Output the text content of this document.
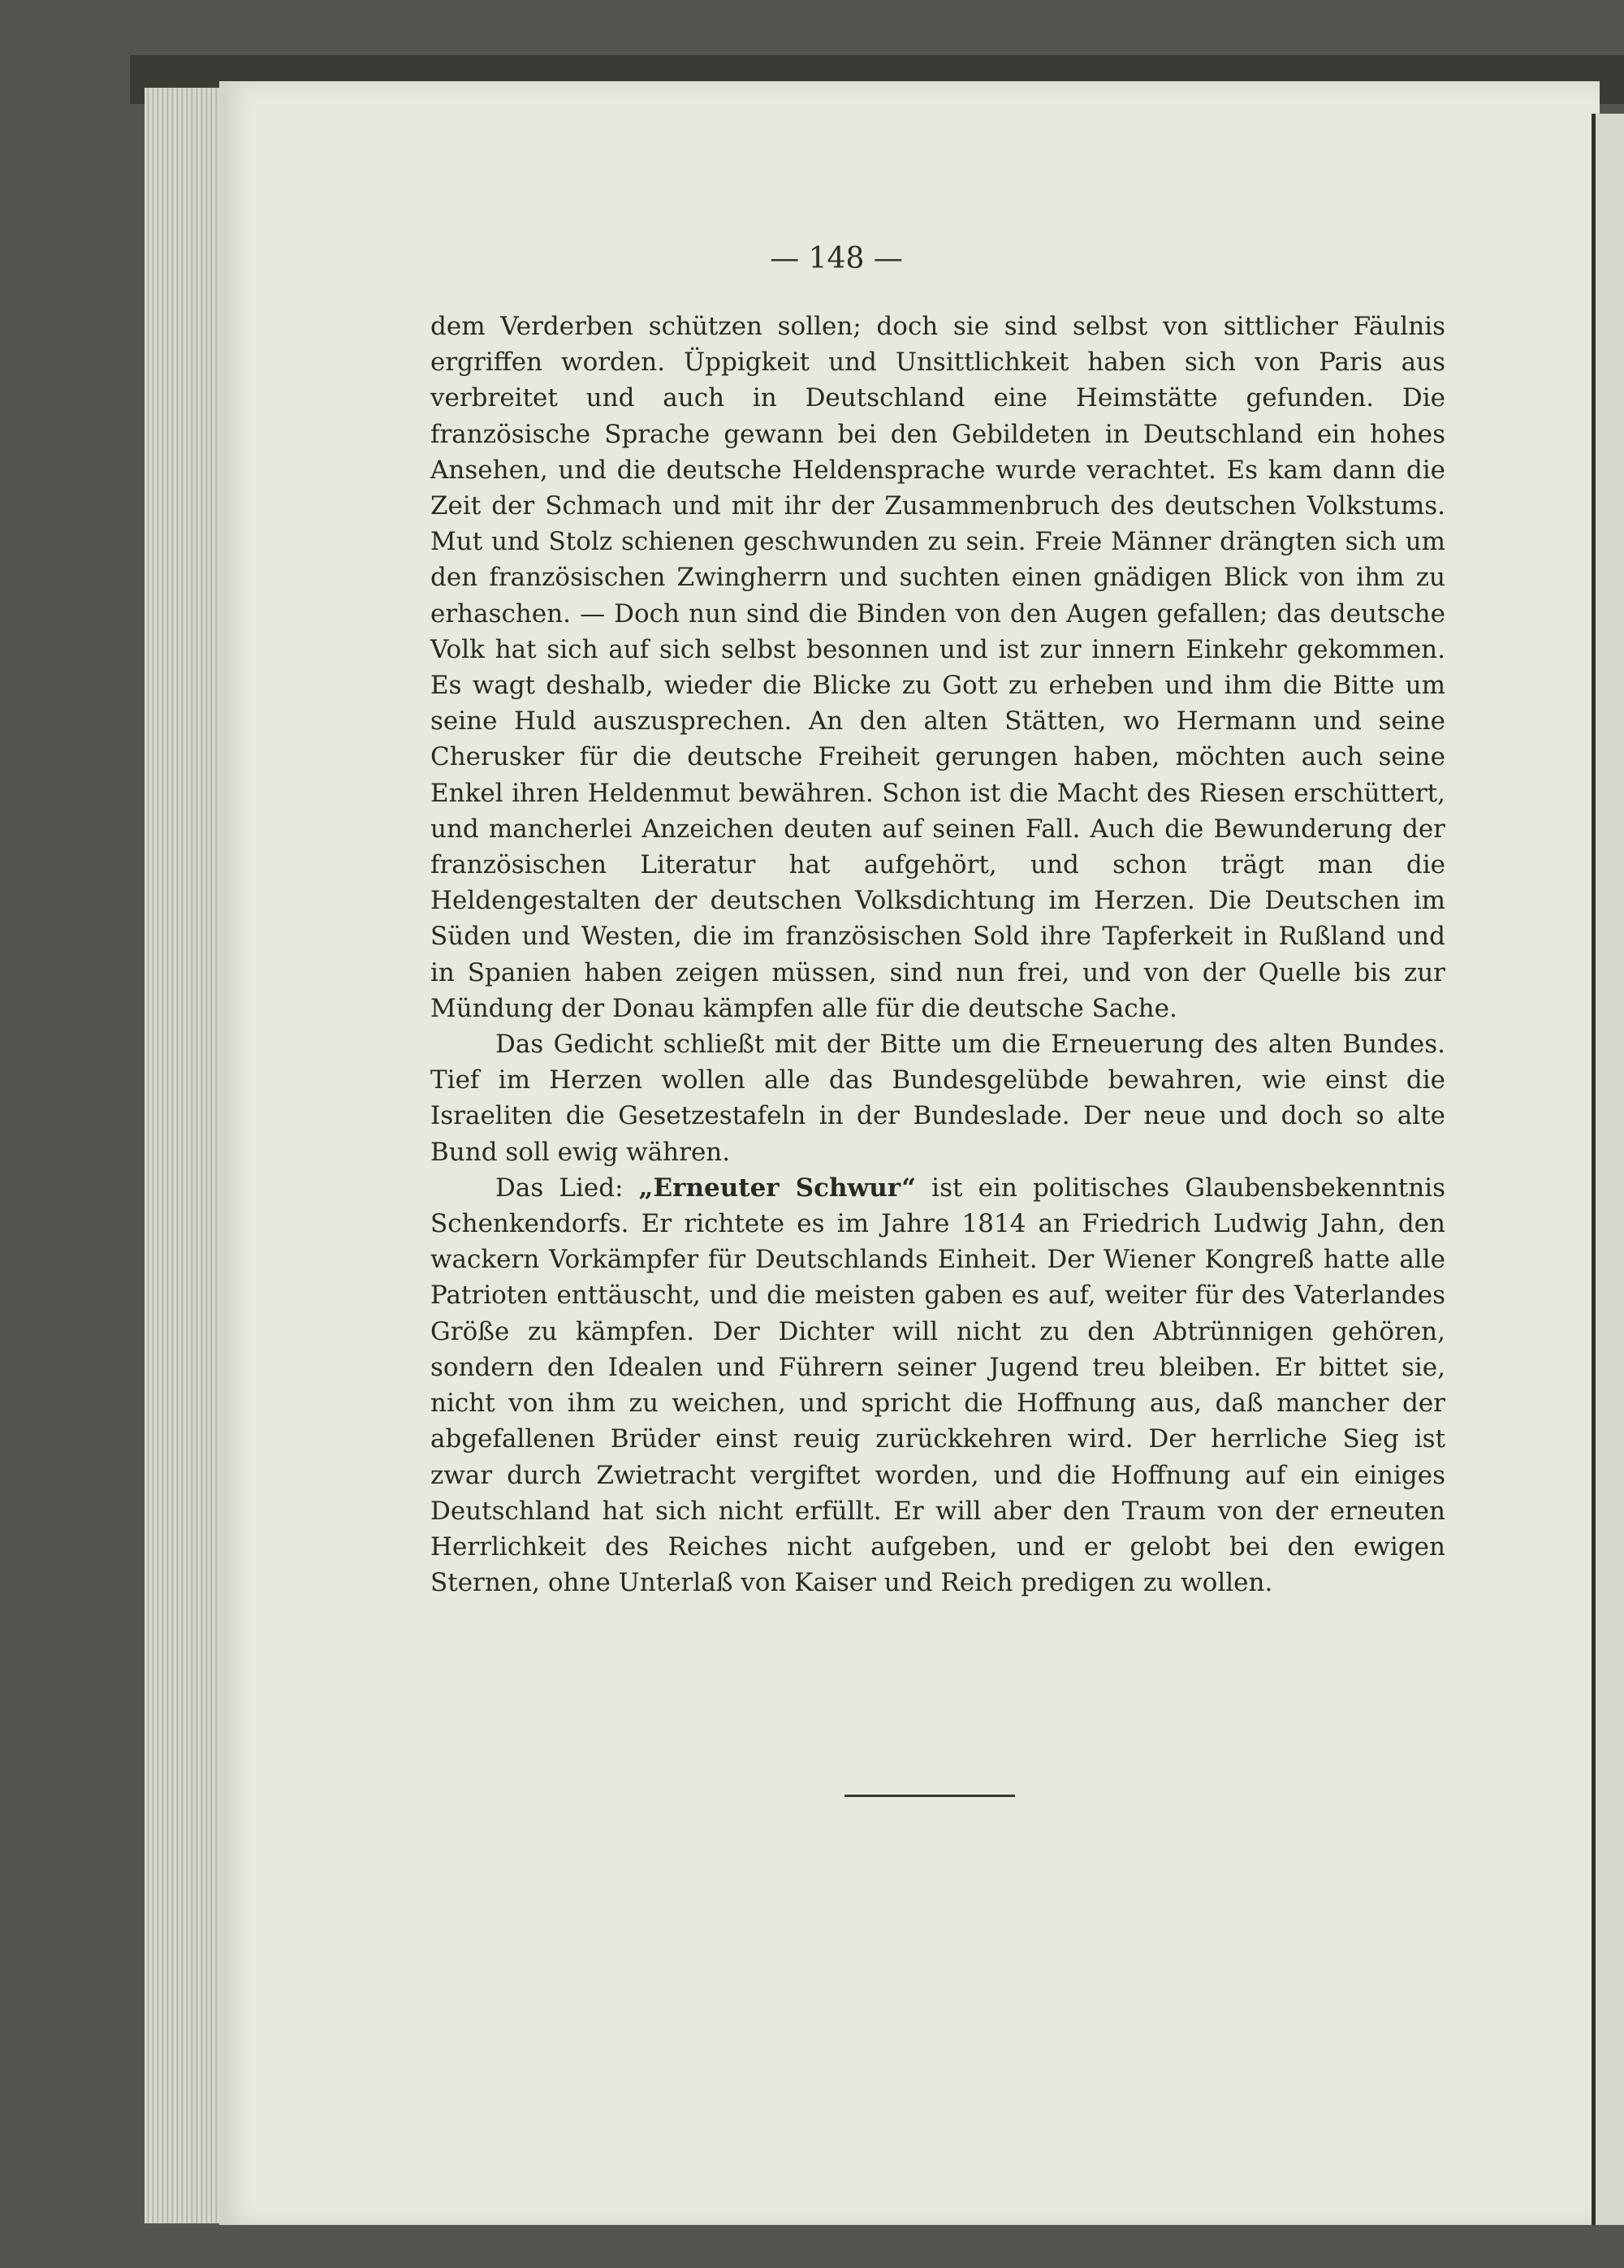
— 148 —

dem Verderben schützen sollen; doch sie sind selbst von sittlicher Fäulnis ergriffen worden. Üppigkeit und Unsittlichkeit haben sich von Paris aus verbreitet und auch in Deutschland eine Heimstätte gefunden. Die französische Sprache gewann bei den Gebildeten in Deutschland ein hohes Ansehen, und die deutsche Heldensprache wurde verachtet. Es kam dann die Zeit der Schmach und mit ihr der Zusammenbruch des deutschen Volkstums. Mut und Stolz schienen geschwunden zu sein. Freie Männer drängten sich um den französischen Zwingherrn und suchten einen gnädigen Blick von ihm zu erhaschen. — Doch nun sind die Binden von den Augen gefallen; das deutsche Volk hat sich auf sich selbst besonnen und ist zur innern Einkehr gekommen. Es wagt deshalb, wieder die Blicke zu Gott zu erheben und ihm die Bitte um seine Huld auszusprechen. An den alten Stätten, wo Hermann und seine Cherusker für die deutsche Freiheit gerungen haben, möchten auch seine Enkel ihren Heldenmut bewähren. Schon ist die Macht des Riesen erschüttert, und mancherlei Anzeichen deuten auf seinen Fall. Auch die Bewunderung der französischen Literatur hat aufgehört, und schon trägt man die Heldengestalten der deutschen Volksdichtung im Herzen. Die Deutschen im Süden und Westen, die im französischen Sold ihre Tapferkeit in Rußland und in Spanien haben zeigen müssen, sind nun frei, und von der Quelle bis zur Mündung der Donau kämpfen alle für die deutsche Sache.

Das Gedicht schließt mit der Bitte um die Erneuerung des alten Bundes. Tief im Herzen wollen alle das Bundesgelübde bewahren, wie einst die Israeliten die Gesetzestafeln in der Bundeslade. Der neue und doch so alte Bund soll ewig währen.

Das Lied: „Erneuter Schwur“ ist ein politisches Glaubensbekenntnis Schenkendorfs. Er richtete es im Jahre 1814 an Friedrich Ludwig Jahn, den wackern Vorkämpfer für Deutschlands Einheit. Der Wiener Kongreß hatte alle Patrioten enttäuscht, und die meisten gaben es auf, weiter für des Vaterlandes Größe zu kämpfen. Der Dichter will nicht zu den Abtrünnigen gehören, sondern den Idealen und Führern seiner Jugend treu bleiben. Er bittet sie, nicht von ihm zu weichen, und spricht die Hoffnung aus, daß mancher der abgefallenen Brüder einst reuig zurückkehren wird. Der herrliche Sieg ist zwar durch Zwietracht vergiftet worden, und die Hoffnung auf ein einiges Deutschland hat sich nicht erfüllt. Er will aber den Traum von der erneuten Herrlichkeit des Reiches nicht aufgeben, und er gelobt bei den ewigen Sternen, ohne Unterlaß von Kaiser und Reich predigen zu wollen.
